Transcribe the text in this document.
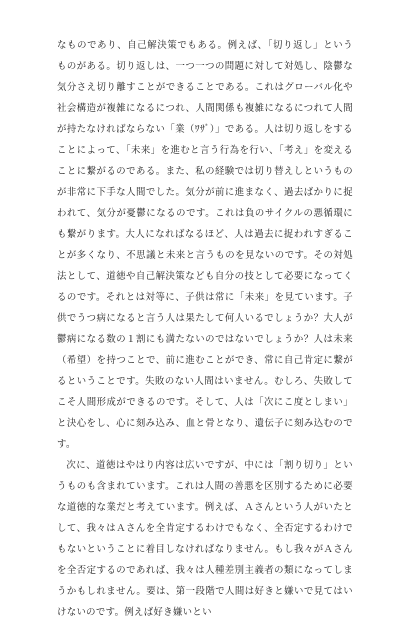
なものであり、自己解決策でもある。例えば、「切り返し」というものがある。切り返しは、一つ一つの問題に対して対処し、陰鬱な気分さえ切り離すことができることである。これはグローバル化や社会構造が複雑になるにつれ、人間関係も複雑になるにつれて人間が持たなければならない「業（ﾜｻﾞ）」である。人は切り返しをすることによって、「未来」を進むと言う行為を行い、「考え」を変えることに繋がるのである。また、私の経験では切り替えしというものが非常に下手な人間でした。気分が前に進まなく、過去ばかりに捉われて、気分が憂鬱になるのです。これは負のサイクルの悪循環にも繋がります。大人になればなるほど、人は過去に捉われすぎることが多くなり、不思議と未来と言うものを見ないのです。その対処法として、道徳や自己解決策なども自分の技として必要になってくるのです。それとは対等に、子供は常に「未来」を見ています。子供でうつ病になると言う人は果たして何人いるでしょうか？大人が鬱病になる数の１割にも満たないのではないでしょうか？人は未来（希望）を持つことで、前に進むことができ、常に自己肯定に繋がるということです。失敗のない人間はいません。むしろ、失敗してこそ人間形成ができるのです。そして、人は「次にこ度としまい」と決心をし、心に刻み込み、血と骨となり、遺伝子に刻み込むのです。

次に、道徳はやはり内容は広いですが、中には「割り切り」というものも含まれています。これは人間の善悪を区別するために必要な道徳的な業だと考えています。例えば、Ａさんという人がいたとして、我々はＡさんを全肯定するわけでもなく、全否定するわけでもないということに着目しなければなりません。もし我々がＡさんを全否定するのであれば、我々は人種差別主義者の類になってしまうかもしれません。要は、第一段階で人間は好きと嫌いで見てはいけないのです。例えば好き嫌いとい
